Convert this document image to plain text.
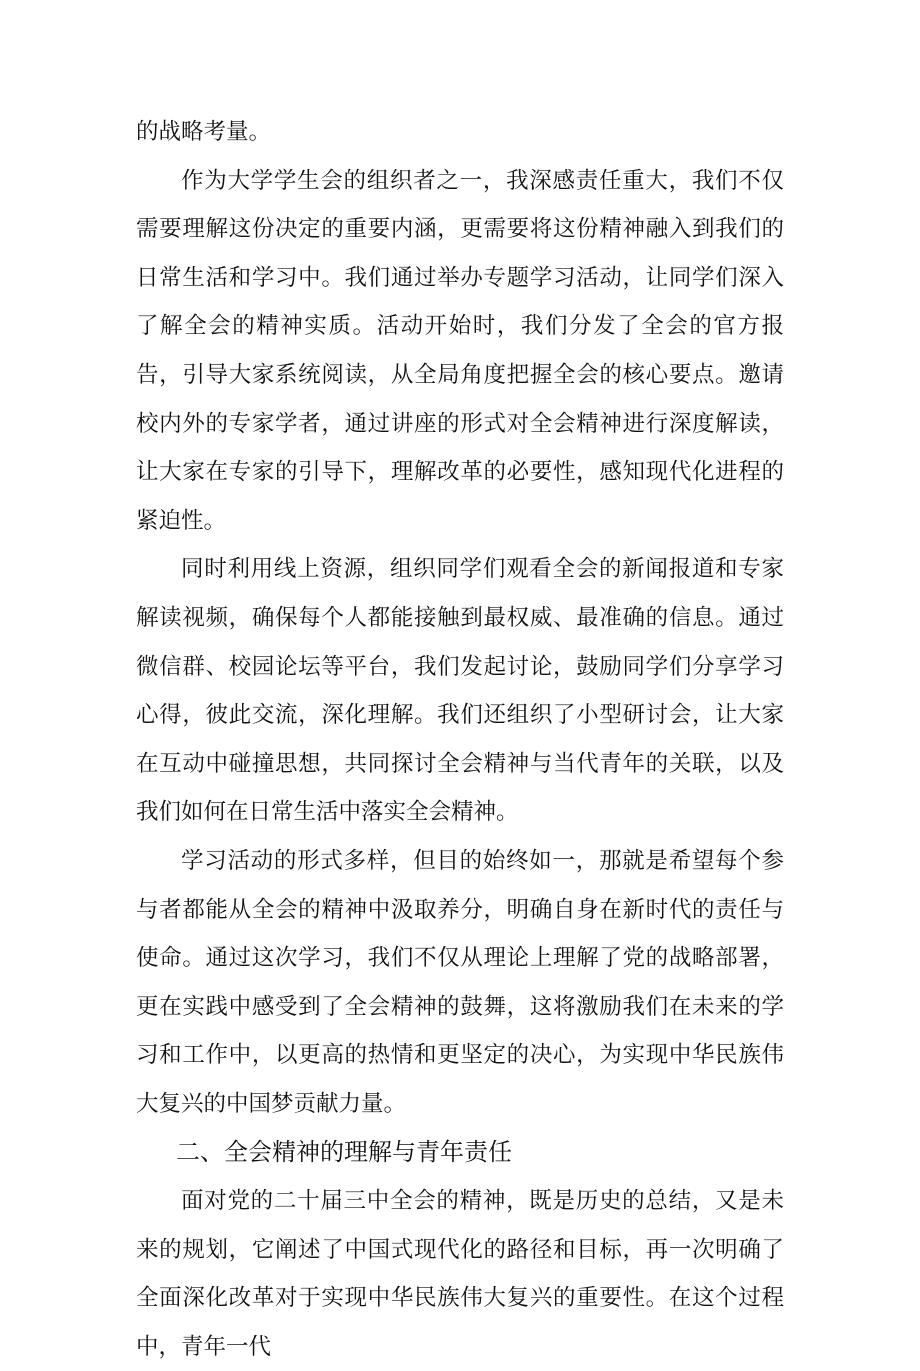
的战略考量。

作为大学学生会的组织者之一，我深感责任重大，我们不仅需要理解这份决定的重要内涵，更需要将这份精神融入到我们的日常生活和学习中。我们通过举办专题学习活动，让同学们深入了解全会的精神实质。活动开始时，我们分发了全会的官方报告，引导大家系统阅读，从全局角度把握全会的核心要点。邀请校内外的专家学者，通过讲座的形式对全会精神进行深度解读，让大家在专家的引导下，理解改革的必要性，感知现代化进程的紧迫性。

同时利用线上资源，组织同学们观看全会的新闻报道和专家解读视频，确保每个人都能接触到最权威、最准确的信息。通过微信群、校园论坛等平台，我们发起讨论，鼓励同学们分享学习心得，彼此交流，深化理解。我们还组织了小型研讨会，让大家在互动中碰撞思想，共同探讨全会精神与当代青年的关联，以及我们如何在日常生活中落实全会精神。

学习活动的形式多样，但目的始终如一，那就是希望每个参与者都能从全会的精神中汲取养分，明确自身在新时代的责任与使命。通过这次学习，我们不仅从理论上理解了党的战略部署，更在实践中感受到了全会精神的鼓舞，这将激励我们在未来的学习和工作中，以更高的热情和更坚定的决心，为实现中华民族伟大复兴的中国梦贡献力量。

二、全会精神的理解与青年责任

面对党的二十届三中全会的精神，既是历史的总结，又是未来的规划，它阐述了中国式现代化的路径和目标，再一次明确了全面深化改革对于实现中华民族伟大复兴的重要性。在这个过程中，青年一代
